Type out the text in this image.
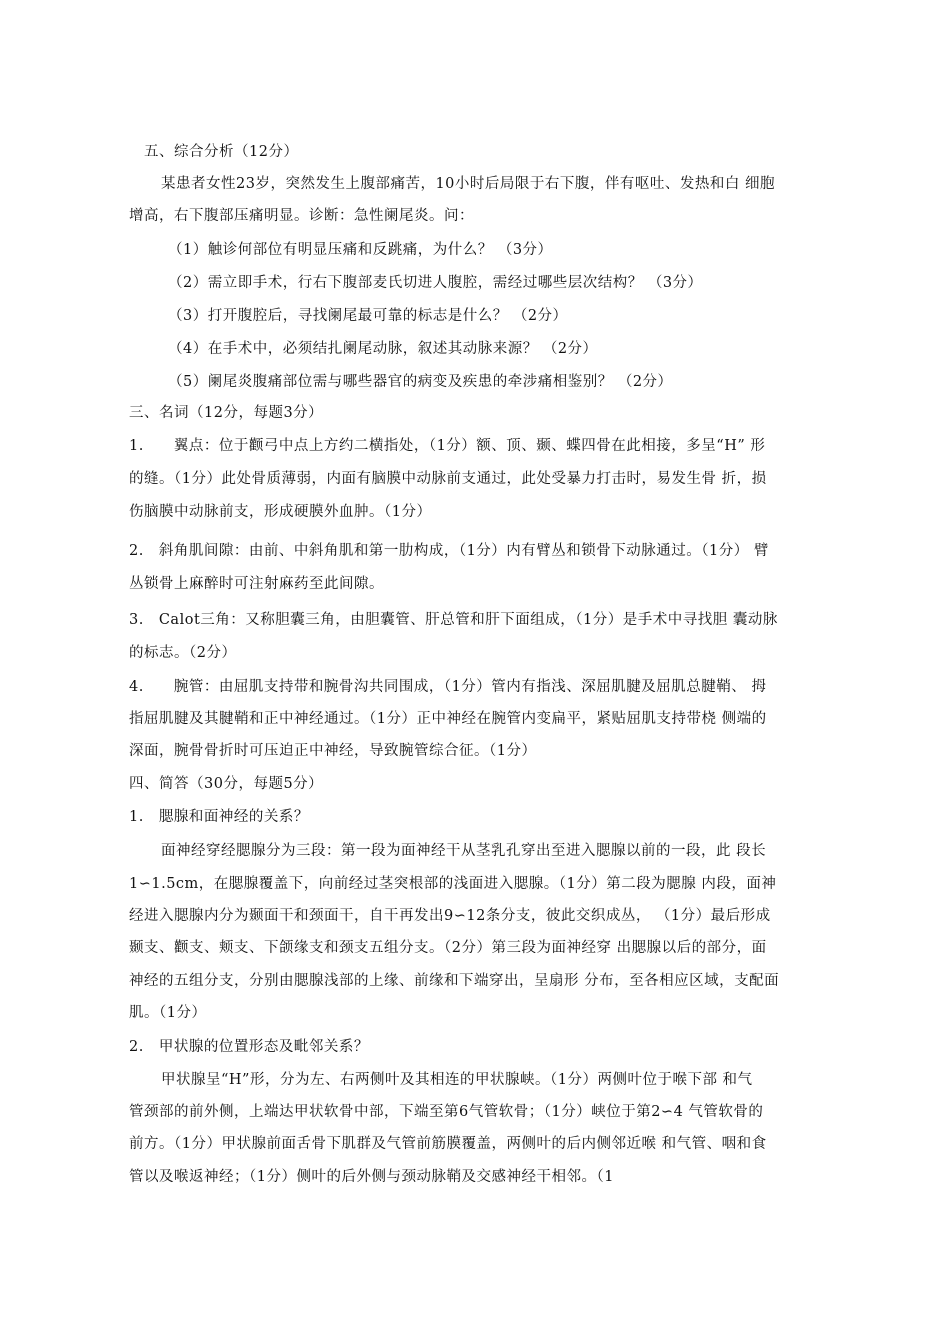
五、综合分析（12分）
某患者女性23岁，突然发生上腹部痛苦，10小时后局限于右下腹，伴有呕吐、发热和白 细胞
增高，右下腹部压痛明显。诊断：急性阑尾炎。问：
（1）触诊何部位有明显压痛和反跳痛，为什么？ （3分）
（2）需立即手术，行右下腹部麦氏切进人腹腔，需经过哪些层次结构？ （3分）
（3）打开腹腔后，寻找阑尾最可靠的标志是什么？ （2分）
（4）在手术中，必须结扎阑尾动脉，叙述其动脉来源？ （2分）
（5）阑尾炎腹痛部位需与哪些器官的病变及疾患的牵涉痛相鉴别？ （2分）
三、名词（12分，每题3分）
1.　　翼点：位于颧弓中点上方约二横指处，（1分）额、顶、颞、蝶四骨在此相接，多呈“H” 形
的缝。（1分）此处骨质薄弱，内面有脑膜中动脉前支通过，此处受暴力打击时，易发生骨 折，损
伤脑膜中动脉前支，形成硬膜外血肿。（1分）
2.　斜角肌间隙：由前、中斜角肌和第一肋构成，（1分）内有臂丛和锁骨下动脉通过。（1分） 臂
丛锁骨上麻醉时可注射麻药至此间隙。
3.　Calot三角：又称胆囊三角，由胆囊管、肝总管和肝下面组成，（1分）是手术中寻找胆 囊动脉
的标志。（2分）
4.　　腕管：由屈肌支持带和腕骨沟共同围成，（1分）管内有指浅、深屈肌腱及屈肌总腱鞘、 拇
指屈肌腱及其腱鞘和正中神经通过。（1分）正中神经在腕管内变扁平，紧贴屈肌支持带桡 侧端的
深面，腕骨骨折时可压迫正中神经，导致腕管综合征。（1分）
四、简答（30分，每题5分）
1.　腮腺和面神经的关系？
面神经穿经腮腺分为三段：第一段为面神经干从茎乳孔穿出至进入腮腺以前的一段，此 段长
1∽1.5cm，在腮腺覆盖下，向前经过茎突根部的浅面进入腮腺。（1分）第二段为腮腺 内段，面神
经进入腮腺内分为颞面干和颈面干，自干再发出9∽12条分支，彼此交织成丛， （1分）最后形成
颞支、颧支、颊支、下颌缘支和颈支五组分支。（2分）第三段为面神经穿 出腮腺以后的部分，面
神经的五组分支，分别由腮腺浅部的上缘、前缘和下端穿出，呈扇形 分布，至各相应区域，支配面
肌。（1分）
2.　甲状腺的位置形态及毗邻关系？
甲状腺呈“H”形，分为左、右两侧叶及其相连的甲状腺峡。（1分）两侧叶位于喉下部 和气
管颈部的前外侧，上端达甲状软骨中部，下端至第6气管软骨；（1分）峡位于第2∽4 气管软骨的
前方。（1分）甲状腺前面舌骨下肌群及气管前筋膜覆盖，两侧叶的后内侧邻近喉 和气管、咽和食
管以及喉返神经；（1分）侧叶的后外侧与颈动脉鞘及交感神经干相邻。（1
